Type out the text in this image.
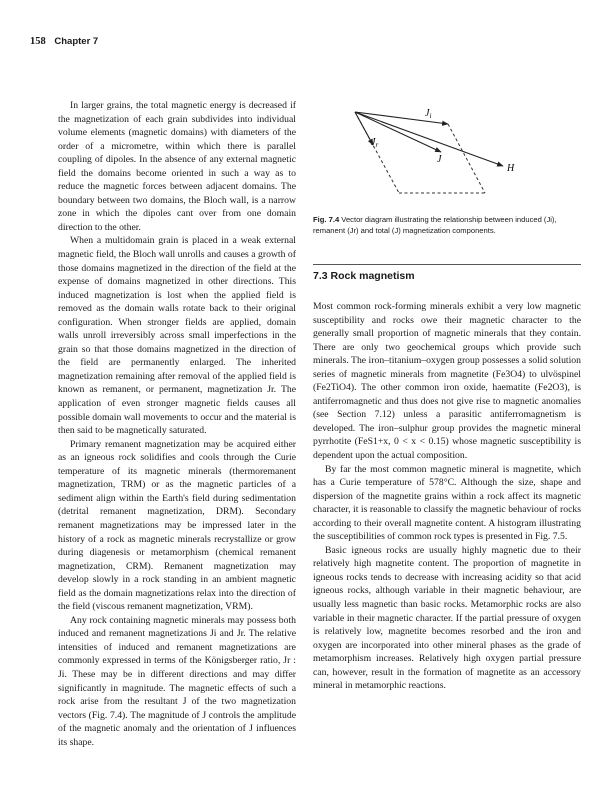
158 Chapter 7

In larger grains, the total magnetic energy is decreased if the magnetization of each grain subdivides into individual volume elements (magnetic domains) with diameters of the order of a micrometre, within which there is parallel coupling of dipoles. In the absence of any external magnetic field the domains become oriented in such a way as to reduce the magnetic forces between adjacent domains. The boundary between two domains, the Bloch wall, is a narrow zone in which the dipoles cant over from one domain direction to the other.

When a multidomain grain is placed in a weak external magnetic field, the Bloch wall unrolls and causes a growth of those domains magnetized in the direction of the field at the expense of domains magnetized in other directions. This induced magnetization is lost when the applied field is removed as the domain walls rotate back to their original configuration. When stronger fields are applied, domain walls unroll irreversibly across small imperfections in the grain so that those domains magnetized in the direction of the field are permanently enlarged. The inherited magnetization remaining after removal of the applied field is known as remanent, or permanent, magnetization Jr. The application of even stronger magnetic fields causes all possible domain wall movements to occur and the material is then said to be magnetically saturated.

Primary remanent magnetization may be acquired either as an igneous rock solidifies and cools through the Curie temperature of its magnetic minerals (thermoremanent magnetization, TRM) or as the magnetic particles of a sediment align within the Earth's field during sedimentation (detrital remanent magnetization, DRM). Secondary remanent magnetizations may be impressed later in the history of a rock as magnetic minerals recrystallize or grow during diagenesis or metamorphism (chemical remanent magnetization, CRM). Remanent magnetization may develop slowly in a rock standing in an ambient magnetic field as the domain magnetizations relax into the direction of the field (viscous remanent magnetization, VRM).

Any rock containing magnetic minerals may possess both induced and remanent magnetizations Ji and Jr. The relative intensities of induced and remanent magnetizations are commonly expressed in terms of the Königsberger ratio, Jr : Ji. These may be in different directions and may differ significantly in magnitude. The magnetic effects of such a rock arise from the resultant J of the two magnetization vectors (Fig. 7.4). The magnitude of J controls the amplitude of the magnetic anomaly and the orientation of J influences its shape.

$J_i$
$J_r$
J
H
Fig. 7.4 Vector diagram illustrating the relationship between induced (Ji), remanent (Jr) and total (J) magnetization components.
7.3 Rock magnetism

Most common rock-forming minerals exhibit a very low magnetic susceptibility and rocks owe their magnetic character to the generally small proportion of magnetic minerals that they contain. There are only two geochemical groups which provide such minerals. The iron–titanium–oxygen group possesses a solid solution series of magnetic minerals from magnetite (Fe3O4) to ulvöspinel (Fe2TiO4). The other common iron oxide, haematite (Fe2O3), is antiferromagnetic and thus does not give rise to magnetic anomalies (see Section 7.12) unless a parasitic antiferromagnetism is developed. The iron–sulphur group provides the magnetic mineral pyrrhotite (FeS1+x, 0 < x < 0.15) whose magnetic susceptibility is dependent upon the actual composition.

By far the most common magnetic mineral is magnetite, which has a Curie temperature of 578°C. Although the size, shape and dispersion of the magnetite grains within a rock affect its magnetic character, it is reasonable to classify the magnetic behaviour of rocks according to their overall magnetite content. A histogram illustrating the susceptibilities of common rock types is presented in Fig. 7.5.

Basic igneous rocks are usually highly magnetic due to their relatively high magnetite content. The proportion of magnetite in igneous rocks tends to decrease with increasing acidity so that acid igneous rocks, although variable in their magnetic behaviour, are usually less magnetic than basic rocks. Metamorphic rocks are also variable in their magnetic character. If the partial pressure of oxygen is relatively low, magnetite becomes resorbed and the iron and oxygen are incorporated into other mineral phases as the grade of metamorphism increases. Relatively high oxygen partial pressure can, however, result in the formation of magnetite as an accessory mineral in metamorphic reactions.
